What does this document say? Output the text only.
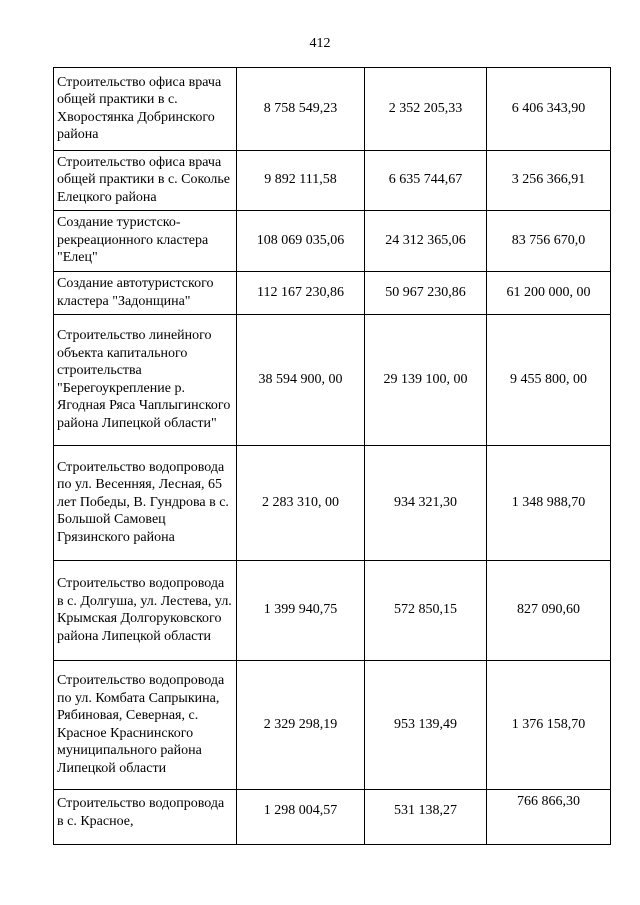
412
Строительство офиса врача общей практики в с. Хворостянка Добринского района	8 758 549,23	2 352 205,33	6 406 343,90
Строительство офиса врача общей практики в с. Соколье Елецкого района	9 892 111,58	6 635 744,67	3 256 366,91
Создание туристско-рекреационного кластера "Елец"	108 069 035,06	24 312 365,06	83 756 670,0
Создание автотуристского кластера "Задонщина"	112 167 230,86	50 967 230,86	61 200 000, 00
Строительство линейного объекта капитального строительства "Берегоукрепление р. Ягодная Ряса Чаплыгинского района Липецкой области"	38 594 900, 00	29 139 100, 00	9 455 800, 00
Строительство водопровода по ул. Весенняя, Лесная, 65 лет Победы, В. Гундрова в с. Большой Самовец Грязинского района	2 283 310, 00	934 321,30	1 348 988,70
Строительство водопровода в с. Долгуша, ул. Лестева, ул. Крымская Долгоруковского района Липецкой области	1 399 940,75	572 850,15	827 090,60
Строительство водопровода по ул. Комбата Сапрыкина, Рябиновая, Северная, с. Красное Краснинского муниципального района Липецкой области	2 329 298,19	953 139,49	1 376 158,70
Строительство водопровода в с. Красное,	1 298 004,57	531 138,27	766 866,30
